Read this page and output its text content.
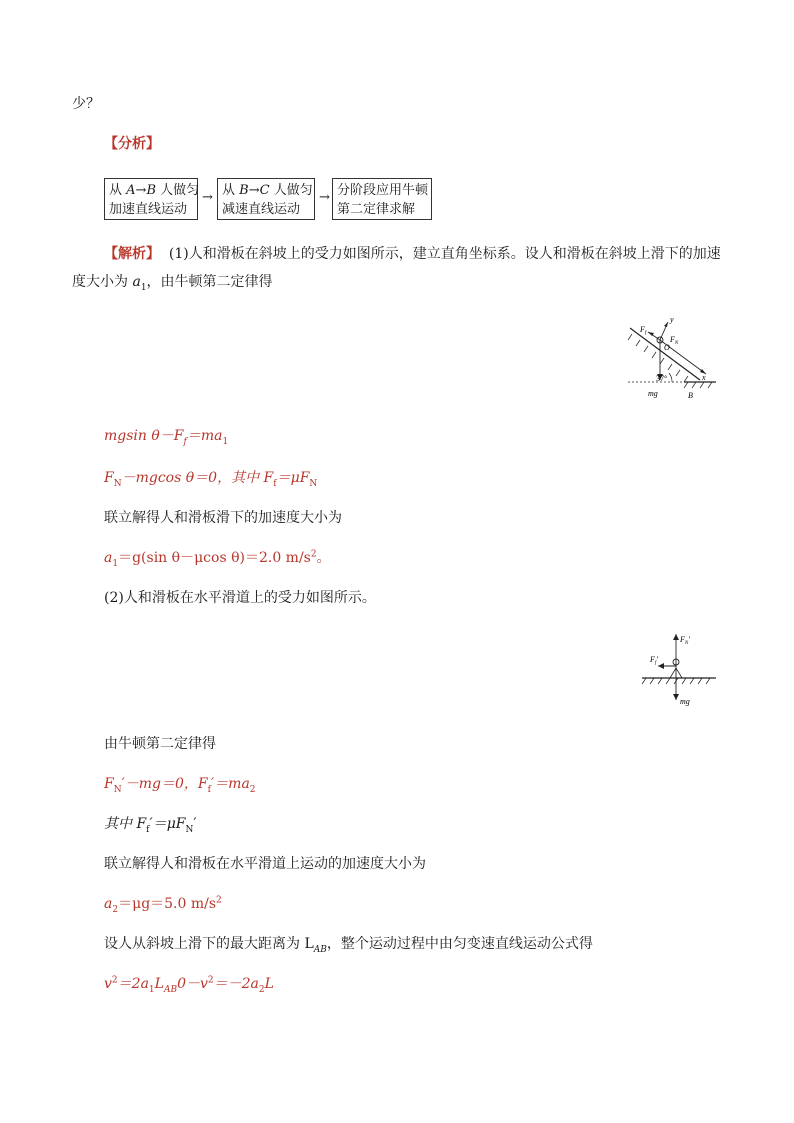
少？
【分析】
从 A→B 人做匀
加速直线运动
→ 从 B→C 人做匀
减速直线运动
→ 分阶段应用牛顿
第二定律求解
【解析】 (1)人和滑板在斜坡上的受力如图所示，建立直角坐标系。设人和滑板在斜坡上滑下的加速
度大小为 $a_1$，由牛顿第二定律得
$F_f$
$F_N$
y
O
x
37°
mg	B
mgsin $\theta-F_f=ma_1$
$F_N-mgcos$ θ＝0，其中 $F_f=\mu F_N$
联立解得人和滑板滑下的加速度大小为
$a_1=g(\sin$ θ－μcos θ)＝2.0 $m/s^2$。
(2)人和滑板在水平滑道上的受力如图所示。
$F_N'$
$F_f'$
mg
由牛顿第二定律得
$F_N'-mg=0$，$F_f'=ma_2$
其中 $F_f'=\mu F_N'$
联立解得人和滑板在水平滑道上运动的加速度大小为
$a_2=\mu g=5.0$ $m/s^2$
设人从斜坡上滑下的最大距离为 $L_{AB}$，整个运动过程中由匀变速直线运动公式得
$v^2=2a_1L_{AB}0-v^2=-2a_2L$
